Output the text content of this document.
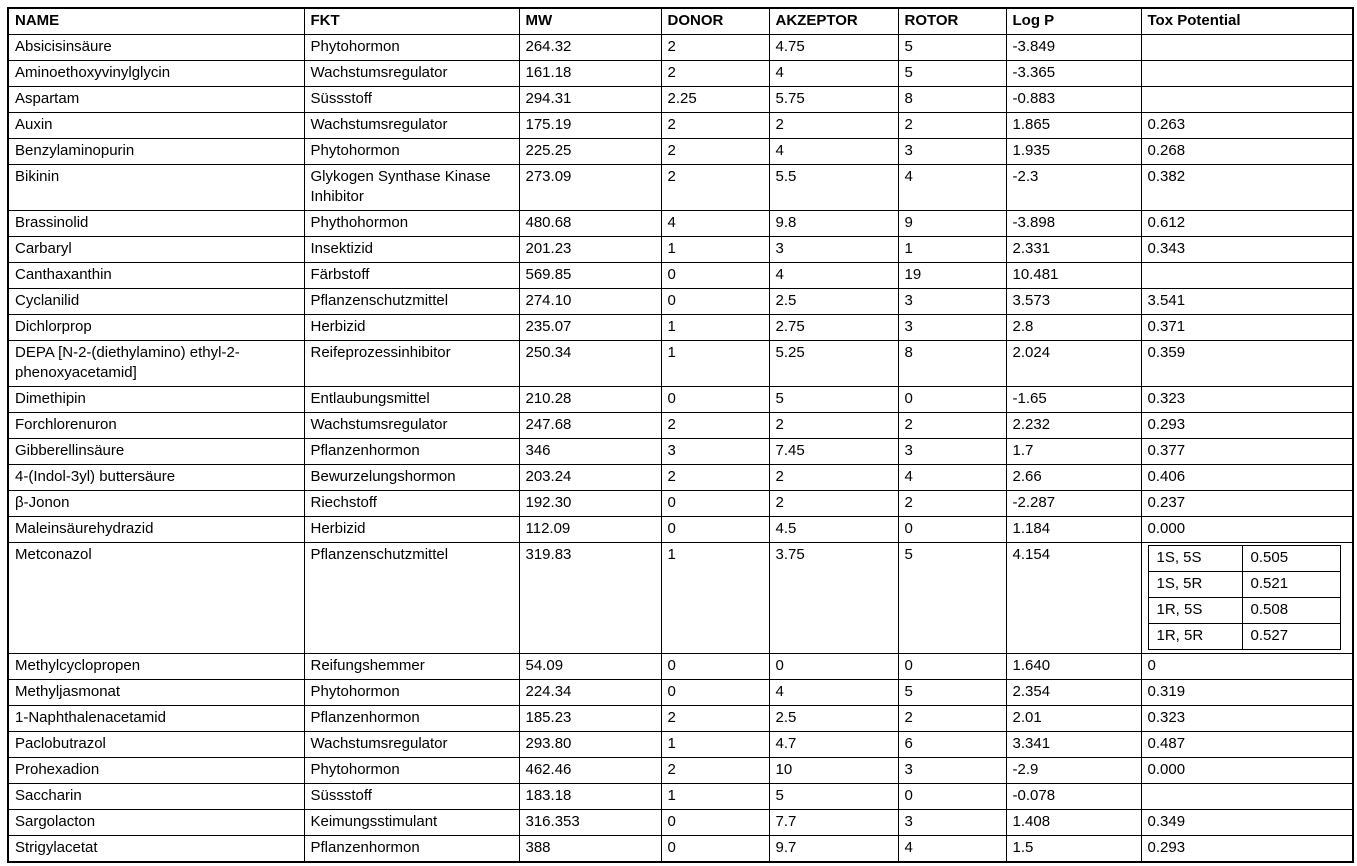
NAME	FKT	MW	DONOR	AKZEPTOR	ROTOR	Log P	Tox Potential
Absicisinsäure	Phytohormon	264.32	2	4.75	5	-3.849	
Aminoethoxyvinylglycin	Wachstumsregulator	161.18	2	4	5	-3.365	
Aspartam	Süssstoff	294.31	2.25	5.75	8	-0.883	
Auxin	Wachstumsregulator	175.19	2	2	2	1.865	0.263
Benzylaminopurin	Phytohormon	225.25	2	4	3	1.935	0.268
Bikinin	Glykogen Synthase Kinase Inhibitor	273.09	2	5.5	4	-2.3	0.382
Brassinolid	Phythohormon	480.68	4	9.8	9	-3.898	0.612
Carbaryl	Insektizid	201.23	1	3	1	2.331	0.343
Canthaxanthin	Färbstoff	569.85	0	4	19	10.481	
Cyclanilid	Pflanzenschutzmittel	274.10	0	2.5	3	3.573	3.541
Dichlorprop	Herbizid	235.07	1	2.75	3	2.8	0.371
DEPA [N-2-(diethylamino) ethyl-2-phenoxyacetamid]	Reifeprozessinhibitor	250.34	1	5.25	8	2.024	0.359
Dimethipin	Entlaubungsmittel	210.28	0	5	0	-1.65	0.323
Forchlorenuron	Wachstumsregulator	247.68	2	2	2	2.232	0.293
Gibberellinsäure	Pflanzenhormon	346	3	7.45	3	1.7	0.377
4-(Indol-3yl) buttersäure	Bewurzelungshormon	203.24	2	2	4	2.66	0.406
β-Jonon	Riechstoff	192.30	0	2	2	-2.287	0.237
Maleinsäurehydrazid	Herbizid	112.09	0	4.5	0	1.184	0.000
Metconazol	Pflanzenschutzmittel	319.83	1	3.75	5	4.154		1S, 5S	0.505
1S, 5R	0.521
1R, 5S	0.508
1R, 5R	0.527

Methylcyclopropen	Reifungshemmer	54.09	0	0	0	1.640	0
Methyljasmonat	Phytohormon	224.34	0	4	5	2.354	0.319
1-Naphthalenacetamid	Pflanzenhormon	185.23	2	2.5	2	2.01	0.323
Paclobutrazol	Wachstumsregulator	293.80	1	4.7	6	3.341	0.487
Prohexadion	Phytohormon	462.46	2	10	3	-2.9	0.000
Saccharin	Süssstoff	183.18	1	5	0	-0.078	
Sargolacton	Keimungsstimulant	316.353	0	7.7	3	1.408	0.349
Strigylacetat	Pflanzenhormon	388	0	9.7	4	1.5	0.293
